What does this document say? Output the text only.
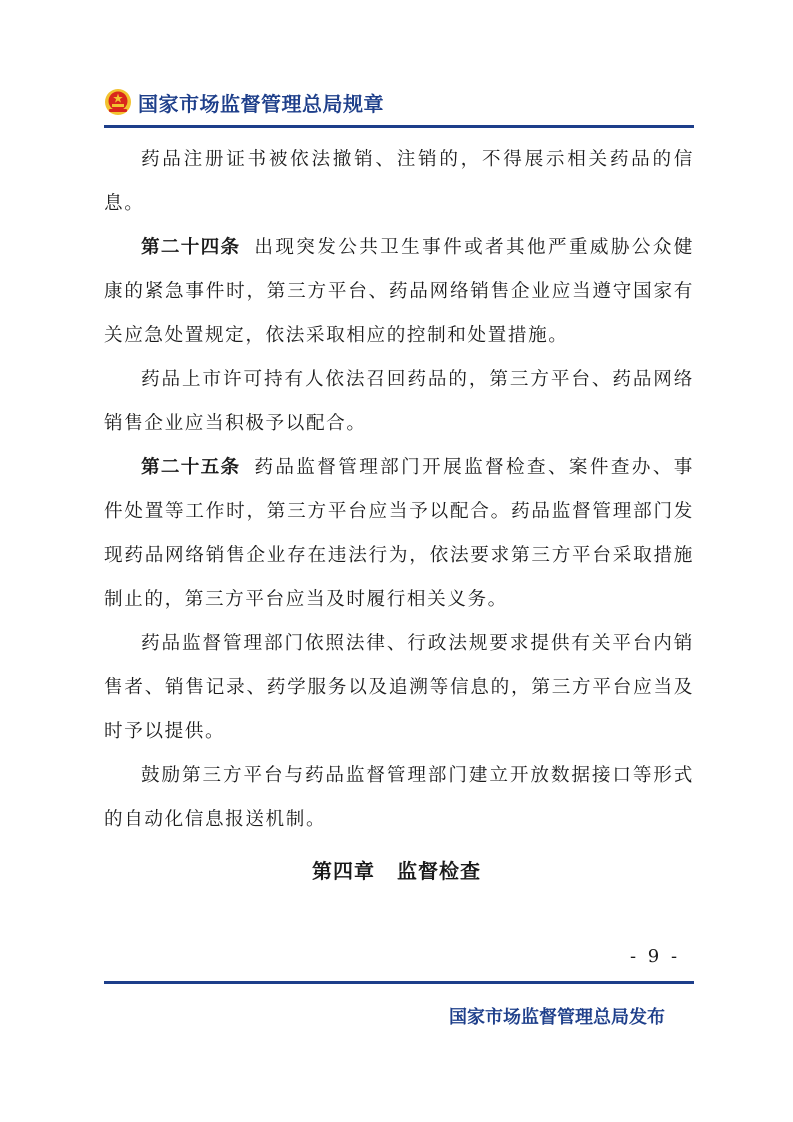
国家市场监督管理总局规章

药品注册证书被依法撤销、注销的，不得展示相关药品的信息。

第二十四条 出现突发公共卫生事件或者其他严重威胁公众健康的紧急事件时，第三方平台、药品网络销售企业应当遵守国家有关应急处置规定，依法采取相应的控制和处置措施。

药品上市许可持有人依法召回药品的，第三方平台、药品网络销售企业应当积极予以配合。

第二十五条 药品监督管理部门开展监督检查、案件查办、事件处置等工作时，第三方平台应当予以配合。药品监督管理部门发现药品网络销售企业存在违法行为，依法要求第三方平台采取措施制止的，第三方平台应当及时履行相关义务。

药品监督管理部门依照法律、行政法规要求提供有关平台内销售者、销售记录、药学服务以及追溯等信息的，第三方平台应当及时予以提供。

鼓励第三方平台与药品监督管理部门建立开放数据接口等形式的自动化信息报送机制。

第四章 监督检查
- 9 -
国家市场监督管理总局发布
